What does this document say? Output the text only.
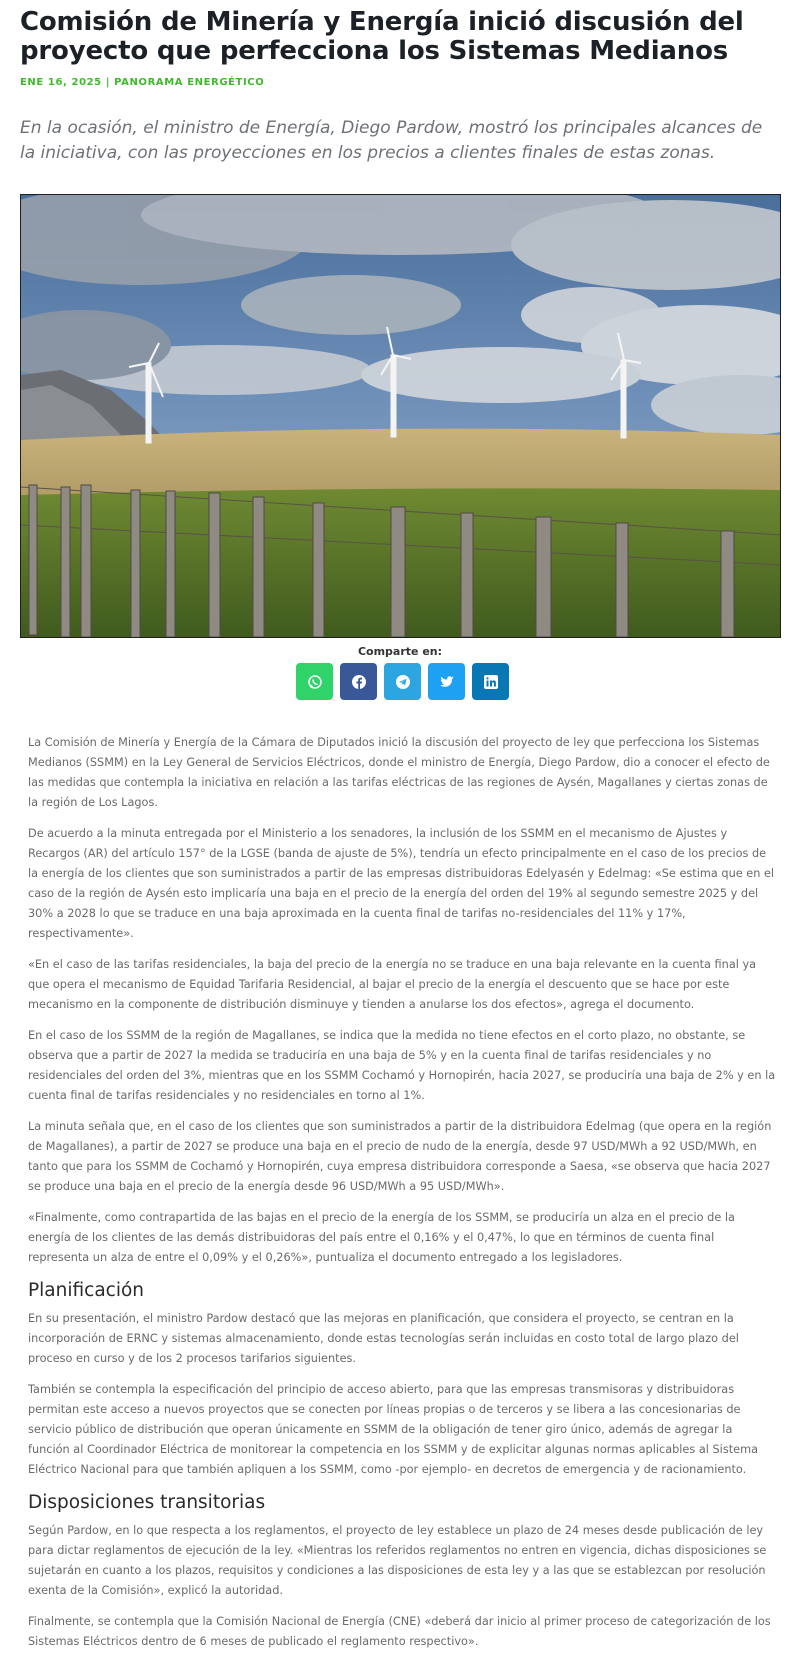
Comisión de Minería y Energía inició discusión del proyecto que perfecciona los Sistemas Medianos
ENE 16, 2025 | PANORAMA ENERGÉTICO

En la ocasión, el ministro de Energía, Diego Pardow, mostró los principales alcances de la iniciativa, con las proyecciones en los precios a clientes finales de estas zonas.

Comparte en:

La Comisión de Minería y Energía de la Cámara de Diputados inició la discusión del proyecto de ley que perfecciona los Sistemas Medianos (SSMM) en la Ley General de Servicios Eléctricos, donde el ministro de Energía, Diego Pardow, dio a conocer el efecto de las medidas que contempla la iniciativa en relación a las tarifas eléctricas de las regiones de Aysén, Magallanes y ciertas zonas de la región de Los Lagos.

De acuerdo a la minuta entregada por el Ministerio a los senadores, la inclusión de los SSMM en el mecanismo de Ajustes y Recargos (AR) del artículo 157° de la LGSE (banda de ajuste de 5%), tendría un efecto principalmente en el caso de los precios de la energía de los clientes que son suministrados a partir de las empresas distribuidoras Edelyasén y Edelmag: «Se estima que en el caso de la región de Aysén esto implicaría una baja en el precio de la energía del orden del 19% al segundo semestre 2025 y del 30% a 2028 lo que se traduce en una baja aproximada en la cuenta final de tarifas no-residenciales del 11% y 17%, respectivamente».

«En el caso de las tarifas residenciales, la baja del precio de la energía no se traduce en una baja relevante en la cuenta final ya que opera el mecanismo de Equidad Tarifaria Residencial, al bajar el precio de la energía el descuento que se hace por este mecanismo en la componente de distribución disminuye y tienden a anularse los dos efectos», agrega el documento.

En el caso de los SSMM de la región de Magallanes, se indica que la medida no tiene efectos en el corto plazo, no obstante, se observa que a partir de 2027 la medida se traduciría en una baja de 5% y en la cuenta final de tarifas residenciales y no residenciales del orden del 3%, mientras que en los SSMM Cochamó y Hornopirén, hacia 2027, se produciría una baja de 2% y en la cuenta final de tarifas residenciales y no residenciales en torno al 1%.

La minuta señala que, en el caso de los clientes que son suministrados a partir de la distribuidora Edelmag (que opera en la región de Magallanes), a partir de 2027 se produce una baja en el precio de nudo de la energía, desde 97 USD/MWh a 92 USD/MWh, en tanto que para los SSMM de Cochamó y Hornopirén, cuya empresa distribuidora corresponde a Saesa, «se observa que hacia 2027 se produce una baja en el precio de la energía desde 96 USD/MWh a 95 USD/MWh».

«Finalmente, como contrapartida de las bajas en el precio de la energía de los SSMM, se produciría un alza en el precio de la energía de los clientes de las demás distribuidoras del país entre el 0,16% y el 0,47%, lo que en términos de cuenta final representa un alza de entre el 0,09% y el 0,26%», puntualiza el documento entregado a los legisladores.

Planificación

En su presentación, el ministro Pardow destacó que las mejoras en planificación, que considera el proyecto, se centran en la incorporación de ERNC y sistemas almacenamiento, donde estas tecnologías serán incluidas en costo total de largo plazo del proceso en curso y de los 2 procesos tarifarios siguientes.

También se contempla la especificación del principio de acceso abierto, para que las empresas transmisoras y distribuidoras permitan este acceso a nuevos proyectos que se conecten por líneas propias o de terceros y se libera a las concesionarias de servicio público de distribución que operan únicamente en SSMM de la obligación de tener giro único, además de agregar la función al Coordinador Eléctrica de monitorear la competencia en los SSMM y de explicitar algunas normas aplicables al Sistema Eléctrico Nacional para que también apliquen a los SSMM, como -por ejemplo- en decretos de emergencia y de racionamiento.

Disposiciones transitorias

Según Pardow, en lo que respecta a los reglamentos, el proyecto de ley establece un plazo de 24 meses desde publicación de ley para dictar reglamentos de ejecución de la ley. «Mientras los referidos reglamentos no entren en vigencia, dichas disposiciones se sujetarán en cuanto a los plazos, requisitos y condiciones a las disposiciones de esta ley y a las que se establezcan por resolución exenta de la Comisión», explicó la autoridad.

Finalmente, se contempla que la Comisión Nacional de Energía (CNE) «deberá dar inicio al primer proceso de categorización de los Sistemas Eléctricos dentro de 6 meses de publicado el reglamento respectivo».
